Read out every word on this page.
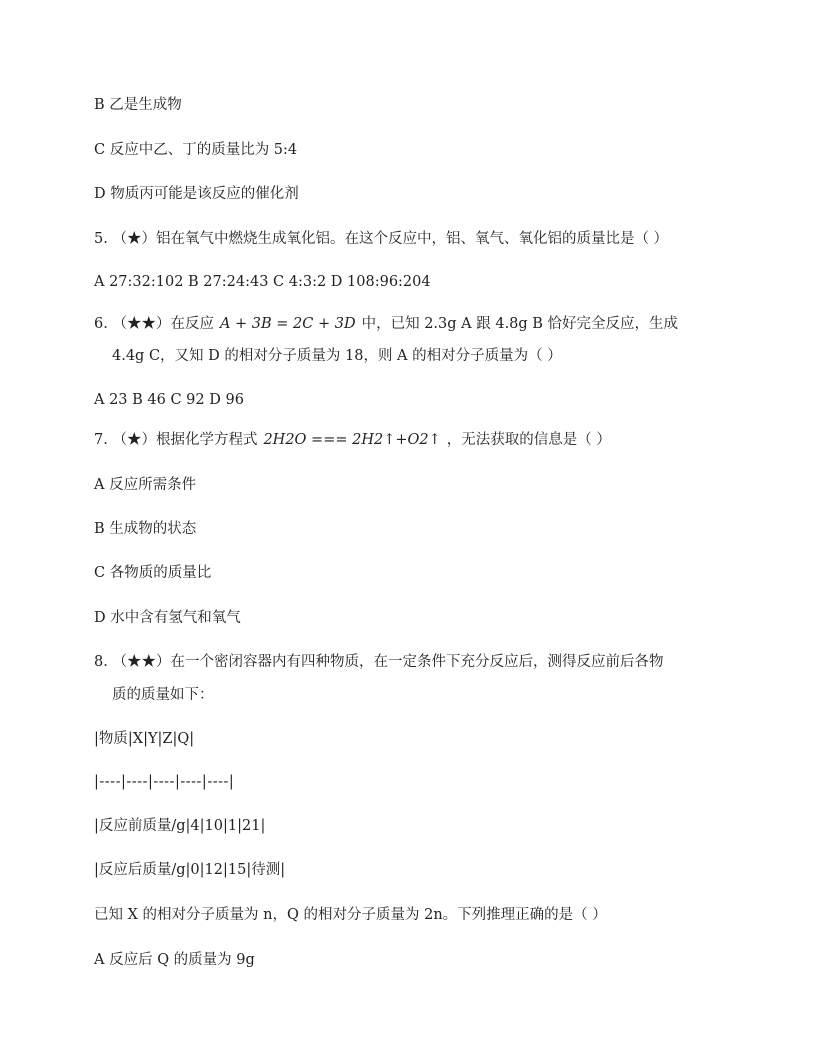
B 乙是生成物
C 反应中乙、丁的质量比为 5:4
D 物质丙可能是该反应的催化剂
5. （★）铝在氧气中燃烧生成氧化铝。在这个反应中，铝、氧气、氧化铝的质量比是（ ）
A 27:32:102 B 27:24:43 C 4:3:2 D 108:96:204
6. （★★）在反应 A + 3B = 2C + 3D 中，已知 2.3g A 跟 4.8g B 恰好完全反应，生成
4.4g C，又知 D 的相对分子质量为 18，则 A 的相对分子质量为（ ）
A 23 B 46 C 92 D 96
7. （★）根据化学方程式 2H2O === 2H2↑+O2↑ ，无法获取的信息是（ ）
A 反应所需条件
B 生成物的状态
C 各物质的质量比
D 水中含有氢气和氧气
8. （★★）在一个密闭容器内有四种物质，在一定条件下充分反应后，测得反应前后各物
质的质量如下：
|物质|X|Y|Z|Q|
|----|----|----|----|----|
|反应前质量/g|4|10|1|21|
|反应后质量/g|0|12|15|待测|
已知 X 的相对分子质量为 n，Q 的相对分子质量为 2n。下列推理正确的是（ ）
A 反应后 Q 的质量为 9g
